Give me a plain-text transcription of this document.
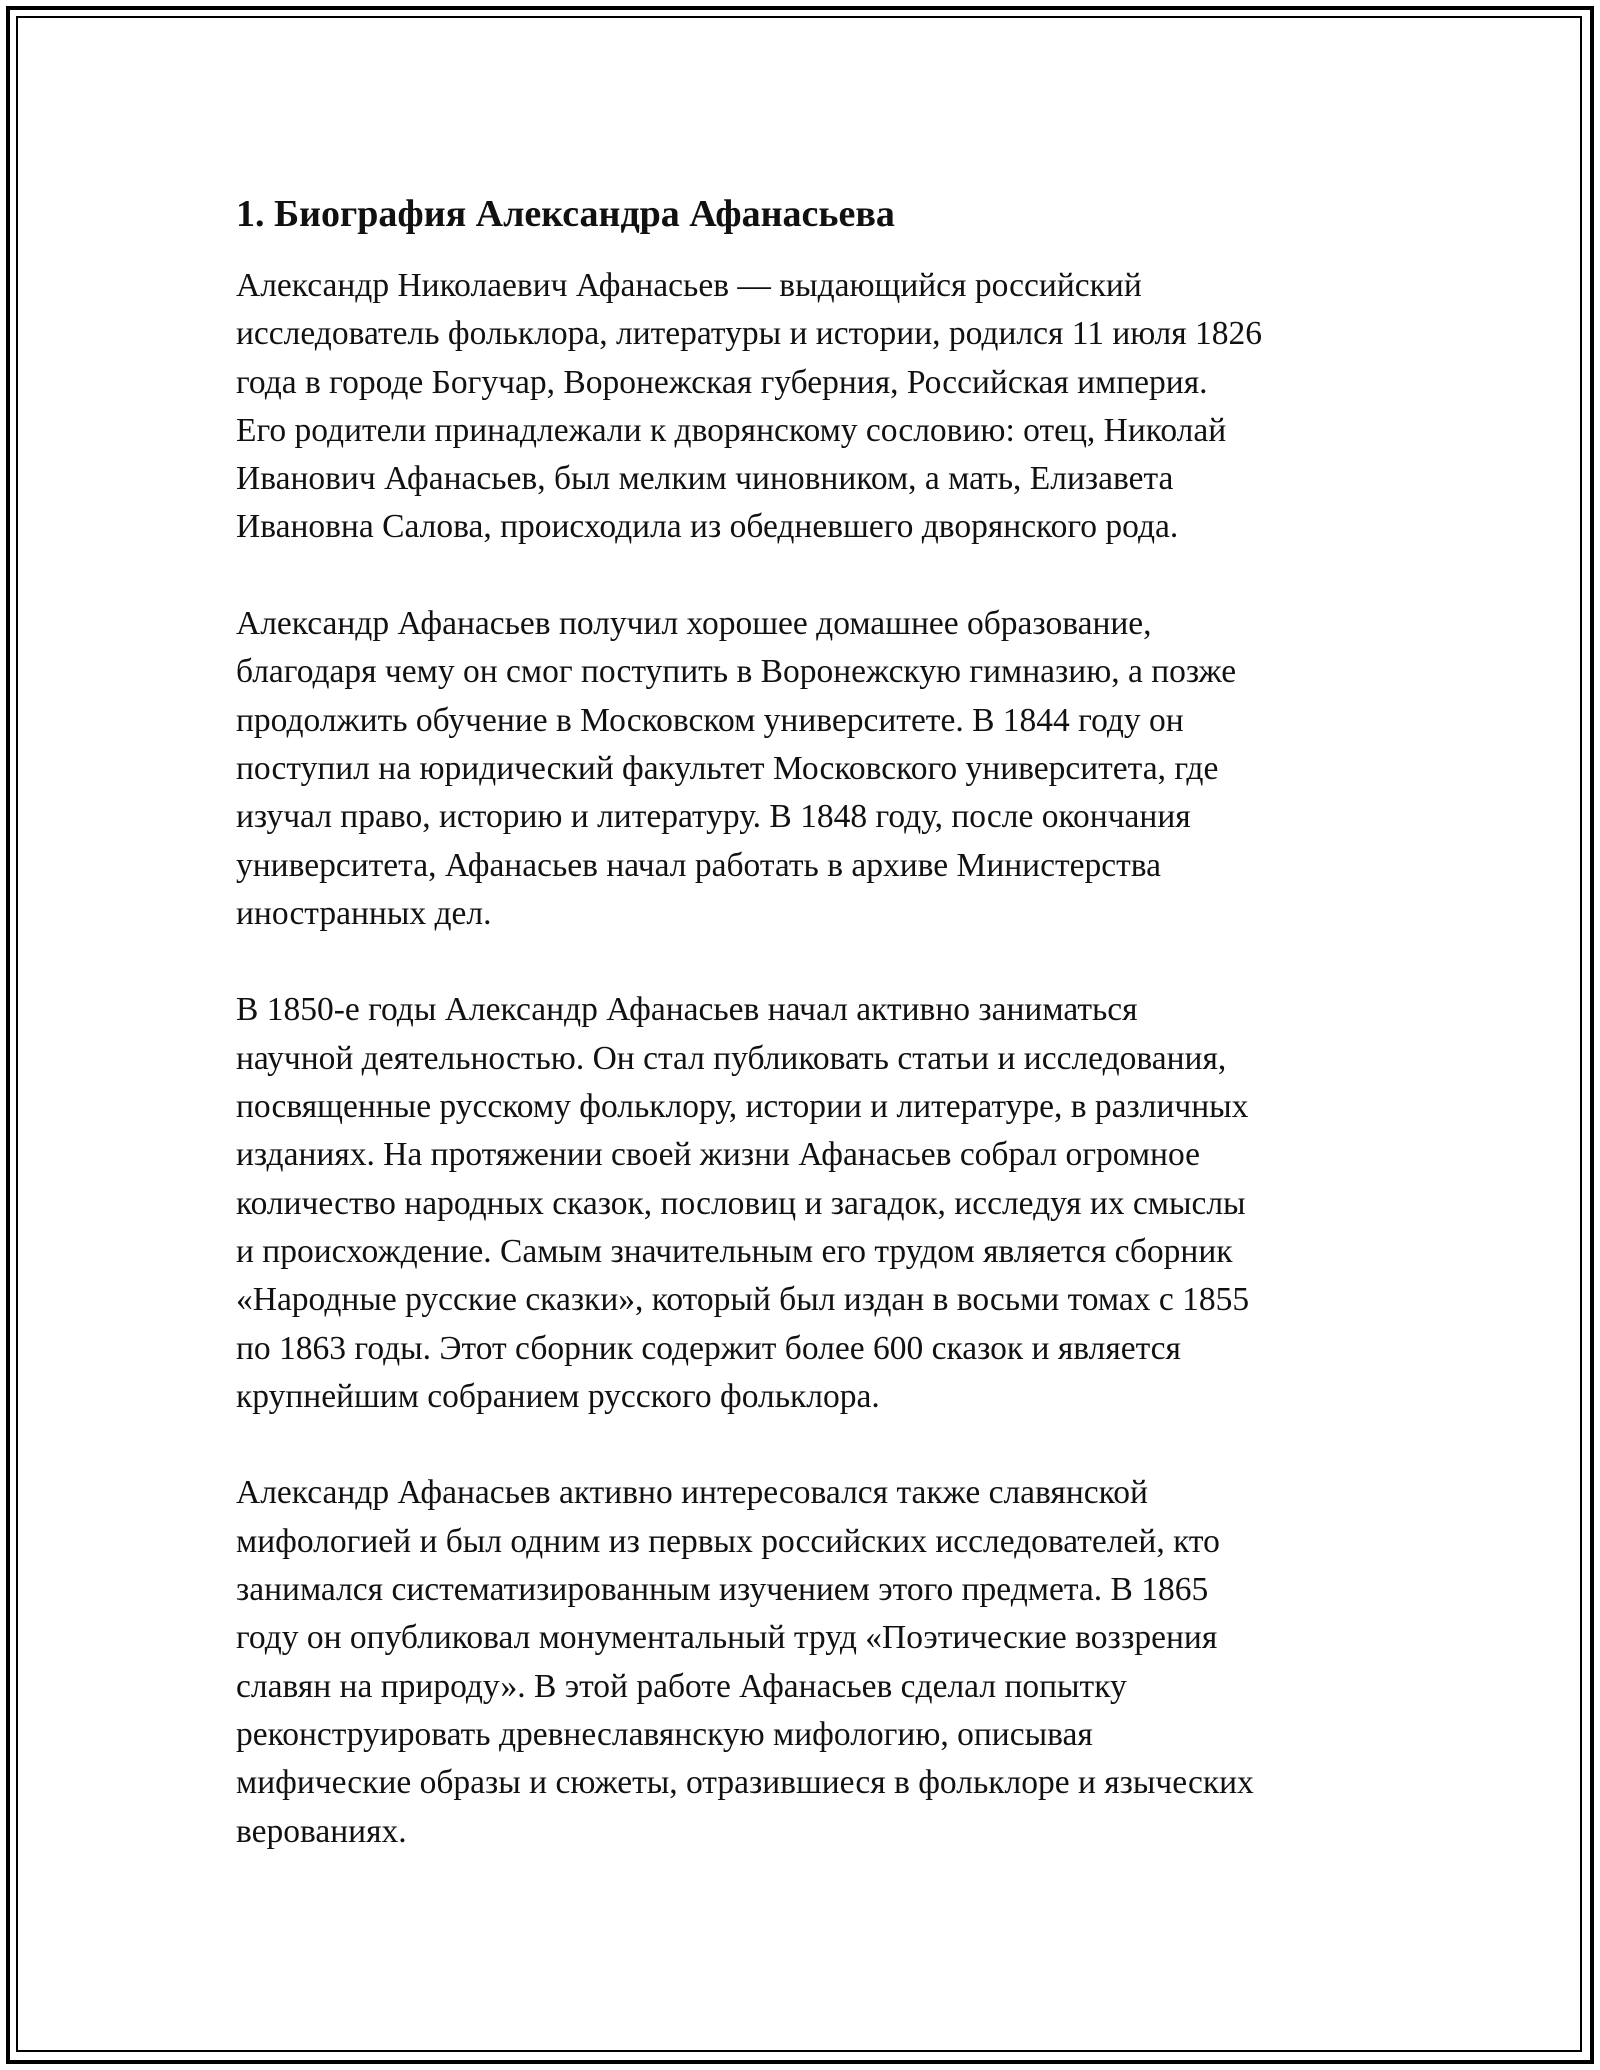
1. Биография Александра Афанасьева

Александр Николаевич Афанасьев — выдающийся российский
исследователь фольклора, литературы и истории, родился 11 июля 1826
года в городе Богучар, Воронежская губерния, Российская империя.
Его родители принадлежали к дворянскому сословию: отец, Николай
Иванович Афанасьев, был мелким чиновником, а мать, Елизавета
Ивановна Салова, происходила из обедневшего дворянского рода.

Александр Афанасьев получил хорошее домашнее образование,
благодаря чему он смог поступить в Воронежскую гимназию, а позже
продолжить обучение в Московском университете. В 1844 году он
поступил на юридический факультет Московского университета, где
изучал право, историю и литературу. В 1848 году, после окончания
университета, Афанасьев начал работать в архиве Министерства
иностранных дел.

В 1850-е годы Александр Афанасьев начал активно заниматься
научной деятельностью. Он стал публиковать статьи и исследования,
посвященные русскому фольклору, истории и литературе, в различных
изданиях. На протяжении своей жизни Афанасьев собрал огромное
количество народных сказок, пословиц и загадок, исследуя их смыслы
и происхождение. Самым значительным его трудом является сборник
«Народные русские сказки», который был издан в восьми томах с 1855
по 1863 годы. Этот сборник содержит более 600 сказок и является
крупнейшим собранием русского фольклора.

Александр Афанасьев активно интересовался также славянской
мифологией и был одним из первых российских исследователей, кто
занимался систематизированным изучением этого предмета. В 1865
году он опубликовал монументальный труд «Поэтические воззрения
славян на природу». В этой работе Афанасьев сделал попытку
реконструировать древнеславянскую мифологию, описывая
мифические образы и сюжеты, отразившиеся в фольклоре и языческих
верованиях.
